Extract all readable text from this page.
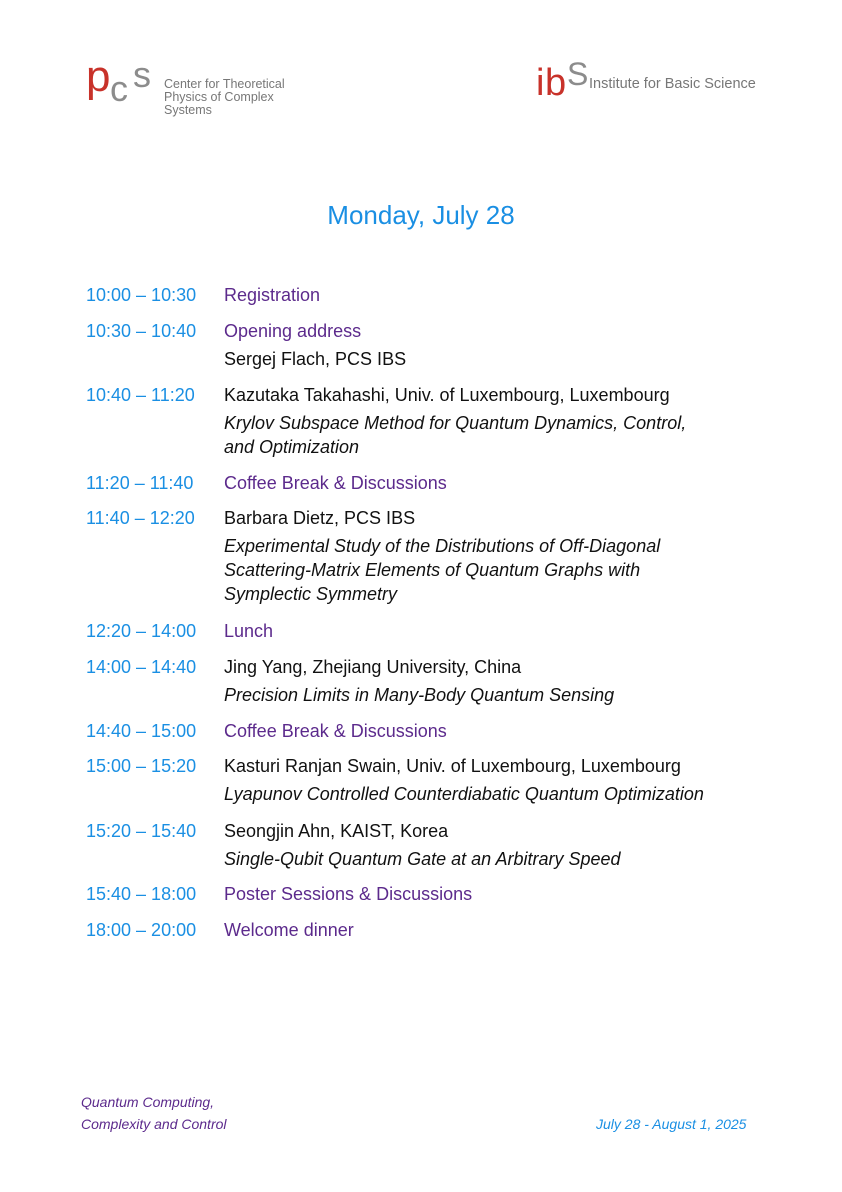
p c s Center for Theoretical
Physics of Complex Systems
i b S Institute for Basic Science
Monday, July 28
10:00 – 10:30	Registration
10:30 – 10:40	Opening address
Sergej Flach, PCS IBS
10:40 – 11:20	Kazutaka Takahashi, Univ. of Luxembourg, Luxembourg
Krylov Subspace Method for Quantum Dynamics, Control,
and Optimization
11:20 – 11:40	Coffee Break & Discussions
11:40 – 12:20	Barbara Dietz, PCS IBS
Experimental Study of the Distributions of Off-Diagonal
Scattering-Matrix Elements of Quantum Graphs with
Symplectic Symmetry
12:20 – 14:00	Lunch
14:00 – 14:40	Jing Yang, Zhejiang University, China
Precision Limits in Many-Body Quantum Sensing
14:40 – 15:00	Coffee Break & Discussions
15:00 – 15:20	Kasturi Ranjan Swain, Univ. of Luxembourg, Luxembourg
Lyapunov Controlled Counterdiabatic Quantum Optimization
15:20 – 15:40	Seongjin Ahn, KAIST, Korea
Single-Qubit Quantum Gate at an Arbitrary Speed
15:40 – 18:00	Poster Sessions & Discussions
18:00 – 20:00	Welcome dinner
Quantum Computing,
Complexity and Control	July 28 - August 1, 2025
